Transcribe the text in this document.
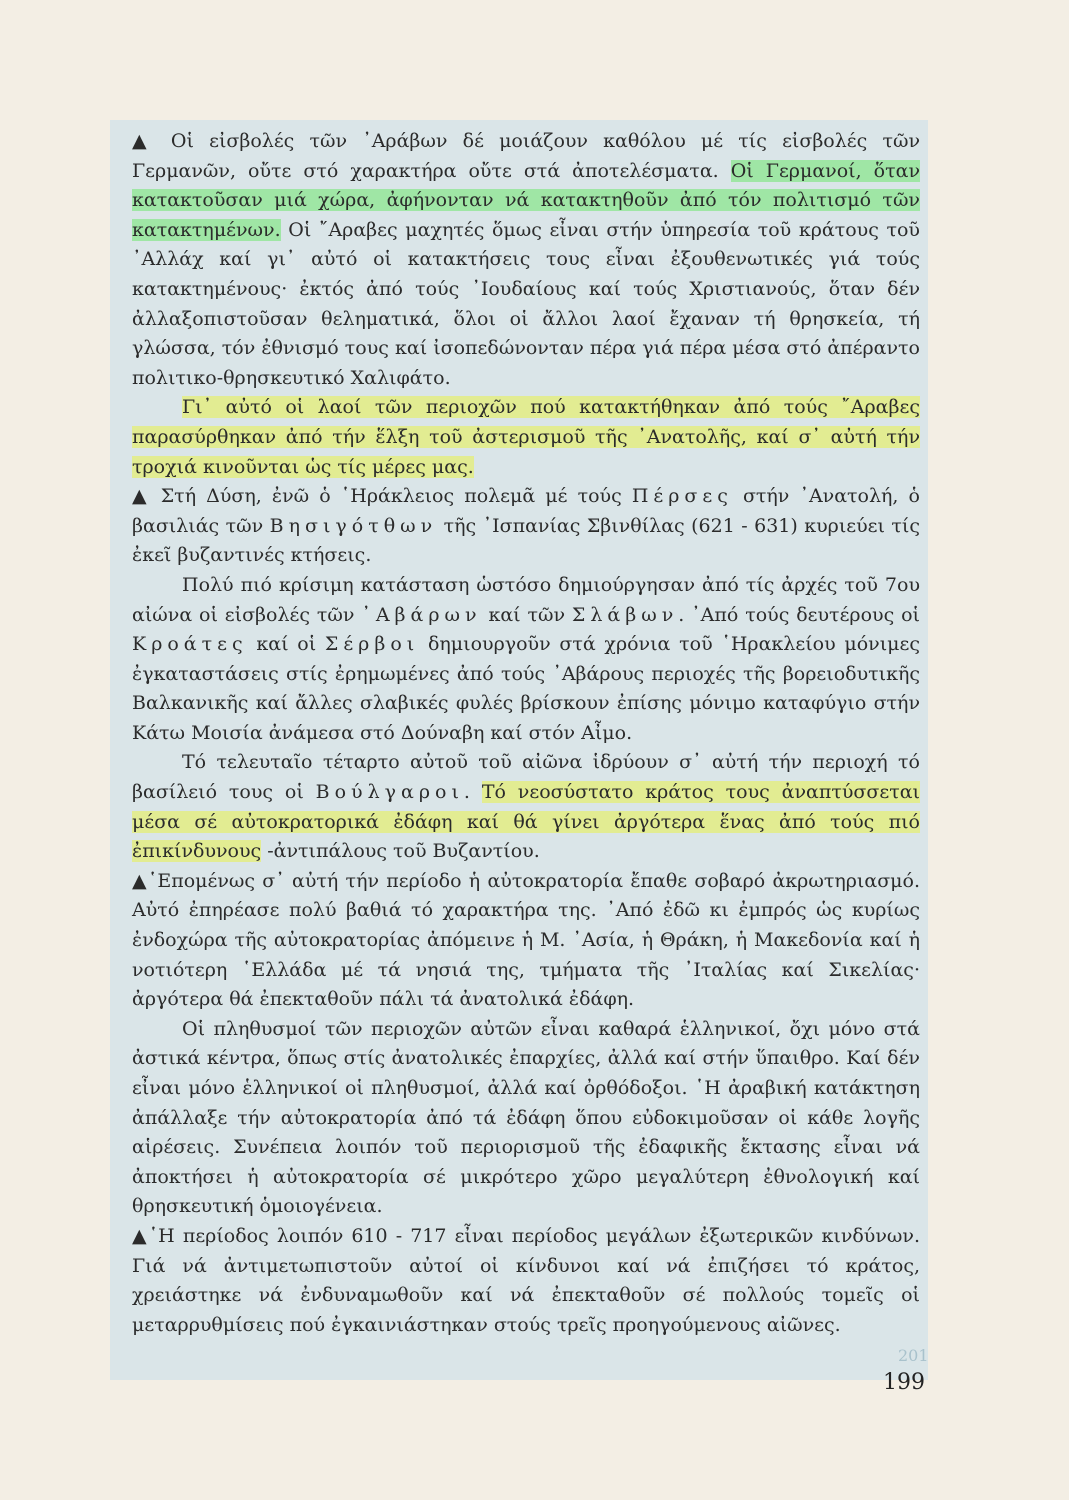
▲ Οἱ εἰσβολές τῶν ᾿Αράβων δέ μοιάζουν καθόλου μέ τίς εἰσβολές τῶν Γερμανῶν, οὔτε στό χαρακτήρα οὔτε στά ἀποτελέσματα. Οἱ Γερμανοί, ὅταν κατακτοῦσαν μιά χώρα, ἀφήνονταν νά κατακτηθοῦν ἀπό τόν πολιτισμό τῶν κατακτημένων. Οἱ ῎Αραβες μαχητές ὅμως εἶναι στήν ὑπηρεσία τοῦ κράτους τοῦ ᾿Αλλάχ καί γι᾿ αὐτό οἱ κατακτήσεις τους εἶναι ἐξουθενωτικές γιά τούς κατακτημένους· ἐκτός ἀπό τούς ᾿Ιουδαίους καί τούς Χριστιανούς, ὅταν δέν ἀλλαξοπιστοῦσαν θεληματικά, ὅλοι οἱ ἄλλοι λαοί ἔχαναν τή θρησκεία, τή γλώσσα, τόν ἐθνισμό τους καί ἰσοπεδώνονταν πέρα γιά πέρα μέσα στό ἀπέραντο πολιτικο-θρησκευτικό Χαλιφάτο.

Γι᾿ αὐτό οἱ λαοί τῶν περιοχῶν πού κατακτήθηκαν ἀπό τούς ῎Αραβες παρασύρθηκαν ἀπό τήν ἕλξη τοῦ ἀστερισμοῦ τῆς ᾿Ανατολῆς, καί σ᾿ αὐτή τήν τροχιά κινοῦνται ὡς τίς μέρες μας.

▲ Στή Δύση, ἐνῶ ὁ ῾Ηράκλειος πολεμᾶ μέ τούς Πέρσες στήν ᾿Ανατολή, ὁ βασιλιάς τῶν Βησιγότθων τῆς ᾿Ισπανίας Σβινθίλας (621 - 631) κυριεύει τίς ἐκεῖ βυζαντινές κτήσεις.

Πολύ πιό κρίσιμη κατάσταση ὡστόσο δημιούργησαν ἀπό τίς ἀρχές τοῦ 7ου αἰώνα οἱ εἰσβολές τῶν ᾿Αβάρων καί τῶν Σλάβων. ᾿Από τούς δευτέρους οἱ Κροάτες καί οἱ Σέρβοι δημιουργοῦν στά χρόνια τοῦ ῾Ηρακλείου μόνιμες ἐγκαταστάσεις στίς ἐρημωμένες ἀπό τούς ᾿Αβάρους περιοχές τῆς βορειοδυτικῆς Βαλκανικῆς καί ἄλλες σλαβικές φυλές βρίσκουν ἐπίσης μόνιμο καταφύγιο στήν Κάτω Μοισία ἀνάμεσα στό Δούναβη καί στόν Αἶμο.

Τό τελευταῖο τέταρτο αὐτοῦ τοῦ αἰῶνα ἱδρύουν σ᾿ αὐτή τήν περιοχή τό βασίλειό τους οἱ Βούλγαροι. Τό νεοσύστατο κράτος τους ἀναπτύσσεται μέσα σέ αὐτοκρατορικά ἐδάφη καί θά γίνει ἀργότερα ἕνας ἀπό τούς πιό ἐπικίνδυνους -ἀντιπάλους τοῦ Βυζαντίου.

▲῾Επομένως σ᾿ αὐτή τήν περίοδο ἡ αὐτοκρατορία ἔπαθε σοβαρό ἀκρωτηριασμό. Αὐτό ἐπηρέασε πολύ βαθιά τό χαρακτήρα της. ᾿Από ἐδῶ κι ἐμπρός ὡς κυρίως ἐνδοχώρα τῆς αὐτοκρατορίας ἀπόμεινε ἡ Μ. ᾿Ασία, ἡ Θράκη, ἡ Μακεδονία καί ἡ νοτιότερη ῾Ελλάδα μέ τά νησιά της, τμήματα τῆς ᾿Ιταλίας καί Σικελίας· ἀργότερα θά ἐπεκταθοῦν πάλι τά ἀνατολικά ἐδάφη.

Οἱ πληθυσμοί τῶν περιοχῶν αὐτῶν εἶναι καθαρά ἑλληνικοί, ὄχι μόνο στά ἀστικά κέντρα, ὅπως στίς ἀνατολικές ἐπαρχίες, ἀλλά καί στήν ὕπαιθρο. Καί δέν εἶναι μόνο ἑλληνικοί οἱ πληθυσμοί, ἀλλά καί ὀρθόδοξοι. ῾Η ἀραβική κατάκτηση ἀπάλλαξε τήν αὐτοκρατορία ἀπό τά ἐδάφη ὅπου εὐδοκιμοῦσαν οἱ κάθε λογῆς αἱρέσεις. Συνέπεια λοιπόν τοῦ περιορισμοῦ τῆς ἐδαφικῆς ἔκτασης εἶναι νά ἀποκτήσει ἡ αὐτοκρατορία σέ μικρότερο χῶρο μεγαλύτερη ἐθνολογική καί θρησκευτική ὁμοιογένεια.

▲῾Η περίοδος λοιπόν 610 - 717 εἶναι περίοδος μεγάλων ἐξωτερικῶν κινδύνων. Γιά νά ἀντιμετωπιστοῦν αὐτοί οἱ κίνδυνοι καί νά ἐπιζήσει τό κράτος, χρειάστηκε νά ἐνδυναμωθοῦν καί νά ἐπεκταθοῦν σέ πολλούς τομεῖς οἱ μεταρρυθμίσεις πού ἐγκαινιάστηκαν στούς τρεῖς προηγούμενους αἰῶνες.

201
199
